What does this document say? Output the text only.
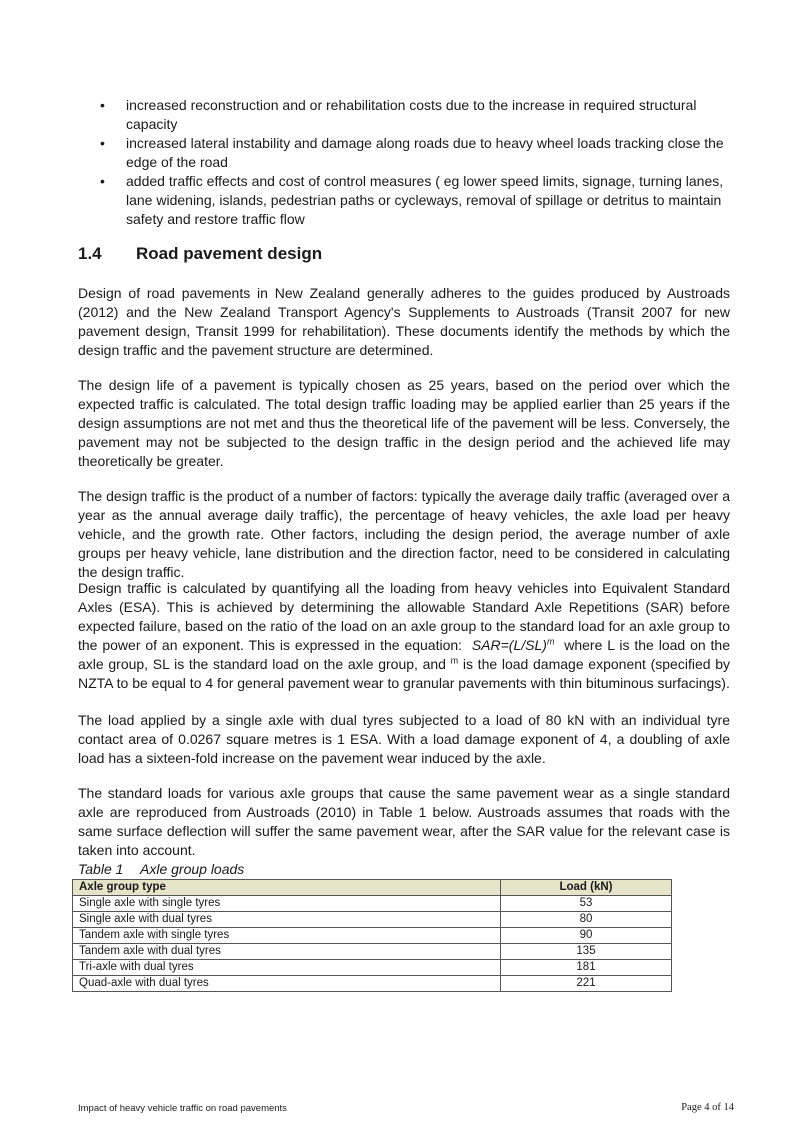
• increased reconstruction and or rehabilitation costs due to the increase in required structural capacity
• increased lateral instability and damage along roads due to heavy wheel loads tracking close the edge of the road
• added traffic effects and cost of control measures ( eg lower speed limits, signage, turning lanes, lane widening, islands, pedestrian paths or cycleways, removal of spillage or detritus to maintain safety and restore traffic flow
1.4 Road pavement design

Design of road pavements in New Zealand generally adheres to the guides produced by Austroads (2012) and the New Zealand Transport Agency's Supplements to Austroads (Transit 2007 for new pavement design, Transit 1999 for rehabilitation). These documents identify the methods by which the design traffic and the pavement structure are determined.

The design life of a pavement is typically chosen as 25 years, based on the period over which the expected traffic is calculated. The total design traffic loading may be applied earlier than 25 years if the design assumptions are not met and thus the theoretical life of the pavement will be less. Conversely, the pavement may not be subjected to the design traffic in the design period and the achieved life may theoretically be greater.

The design traffic is the product of a number of factors: typically the average daily traffic (averaged over a year as the annual average daily traffic), the percentage of heavy vehicles, the axle load per heavy vehicle, and the growth rate. Other factors, including the design period, the average number of axle groups per heavy vehicle, lane distribution and the direction factor, need to be considered in calculating the design traffic.

Design traffic is calculated by quantifying all the loading from heavy vehicles into Equivalent Standard Axles (ESA). This is achieved by determining the allowable Standard Axle Repetitions (SAR) before expected failure, based on the ratio of the load on an axle group to the standard load for an axle group to the power of an exponent. This is expressed in the equation: $SAR=(L/SL)^m$ where L is the load on the axle group, SL is the standard load on the axle group, and $^m$ is the load damage exponent (specified by NZTA to be equal to 4 for general pavement wear to granular pavements with thin bituminous surfacings).

The load applied by a single axle with dual tyres subjected to a load of 80 kN with an individual tyre contact area of 0.0267 square metres is 1 ESA. With a load damage exponent of 4, a doubling of axle load has a sixteen-fold increase on the pavement wear induced by the axle.

The standard loads for various axle groups that cause the same pavement wear as a single standard axle are reproduced from Austroads (2010) in Table 1 below. Austroads assumes that roads with the same surface deflection will suffer the same pavement wear, after the SAR value for the relevant case is taken into account.

Table 1 Axle group loads
Axle group type	Load (kN)
Single axle with single tyres	53
Single axle with dual tyres	80
Tandem axle with single tyres	90
Tandem axle with dual tyres	135
Tri-axle with dual tyres	181
Quad-axle with dual tyres	221
Impact of heavy vehicle traffic on road pavements	Page 4 of 14
